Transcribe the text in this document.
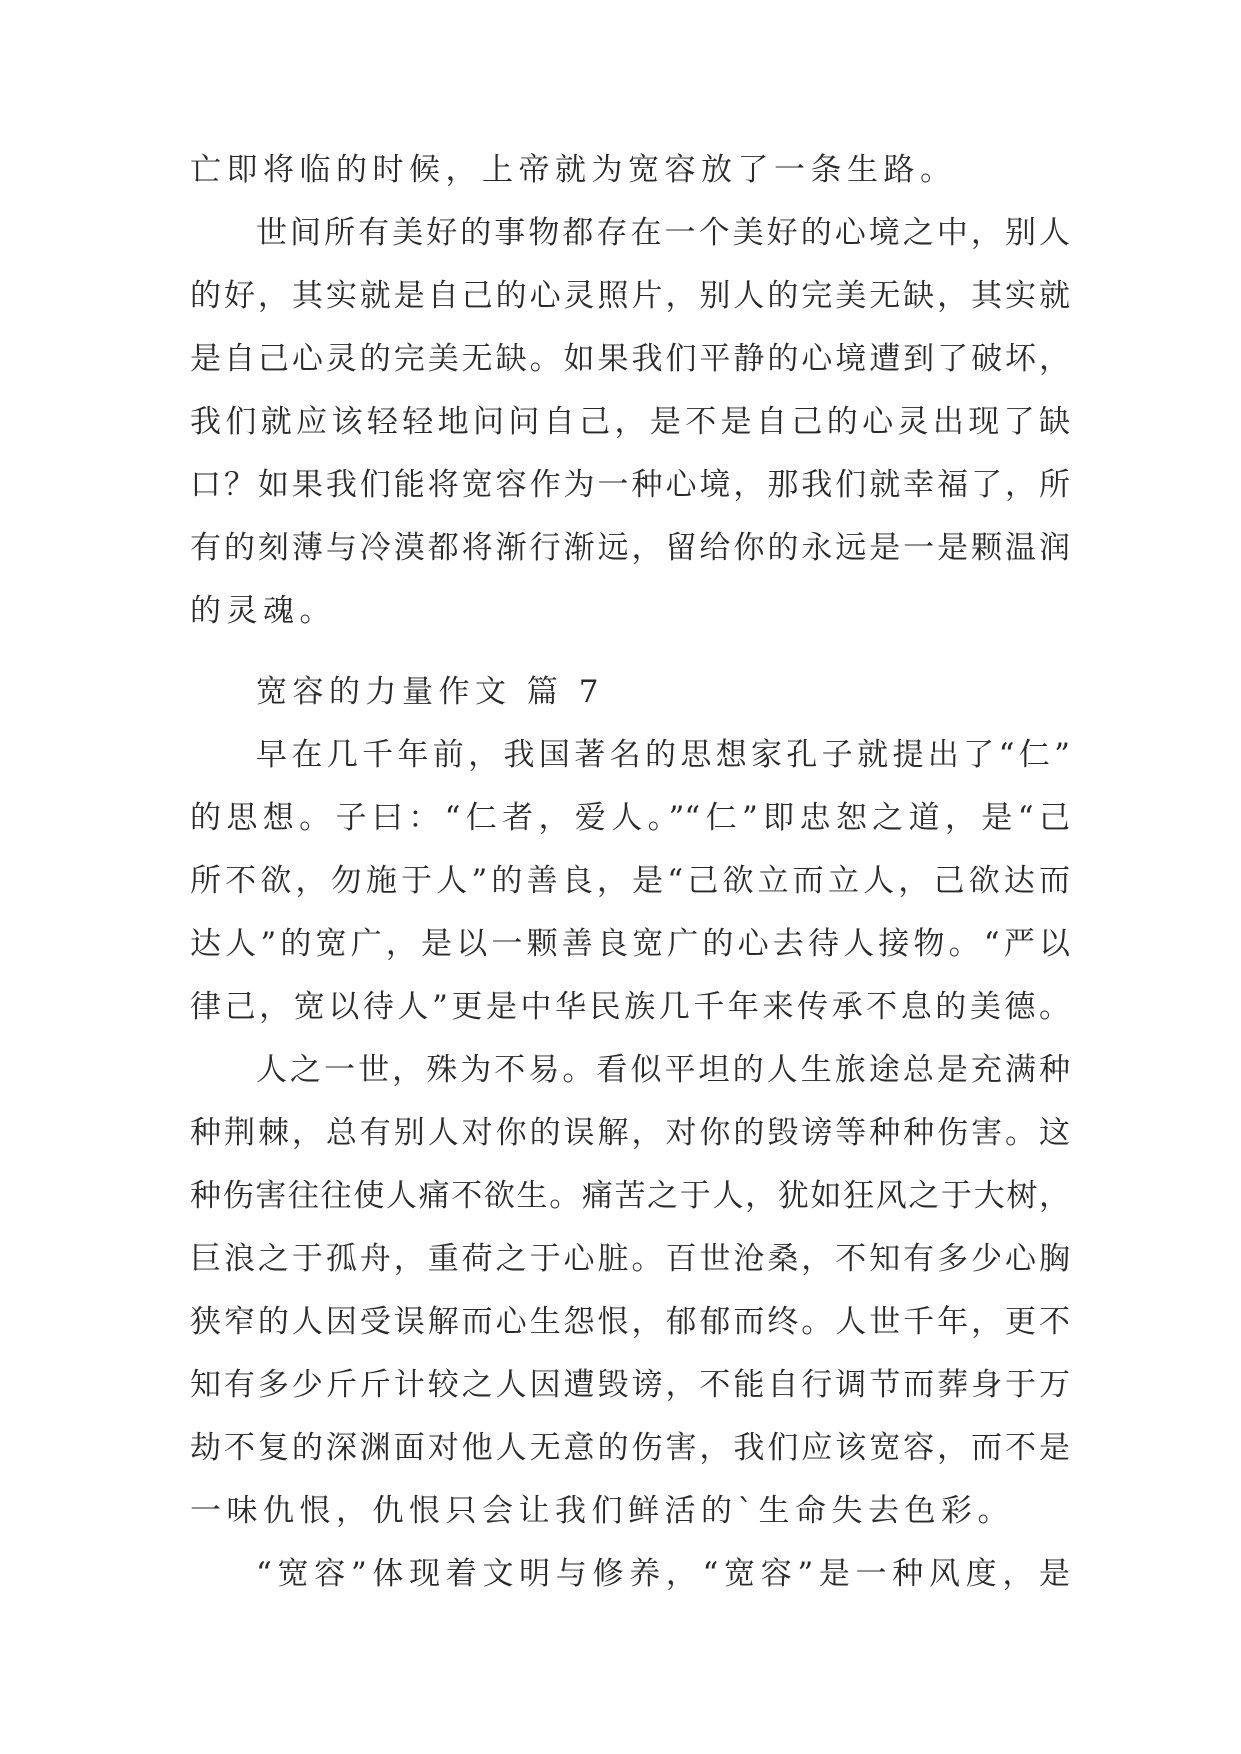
亡即将临的时候，上帝就为宽容放了一条生路。
世间所有美好的事物都存在一个美好的心境之中，别人
的好，其实就是自己的心灵照片，别人的完美无缺，其实就
是自己心灵的完美无缺。如果我们平静的心境遭到了破坏，
我们就应该轻轻地问问自己，是不是自己的心灵出现了缺
口？如果我们能将宽容作为一种心境，那我们就幸福了，所
有的刻薄与冷漠都将渐行渐远，留给你的永远是一是颗温润
的灵魂。
宽容的力量作文 篇 7
早在几千年前，我国著名的思想家孔子就提出了“仁”
的思想。子曰：“仁者，爱人。”“仁”即忠恕之道，是“己
所不欲，勿施于人”的善良，是“己欲立而立人，己欲达而
达人”的宽广，是以一颗善良宽广的心去待人接物。“严以
律己，宽以待人”更是中华民族几千年来传承不息的美德。
人之一世，殊为不易。看似平坦的人生旅途总是充满种
种荆棘，总有别人对你的误解，对你的毁谤等种种伤害。这
种伤害往往使人痛不欲生。痛苦之于人，犹如狂风之于大树，
巨浪之于孤舟，重荷之于心脏。百世沧桑，不知有多少心胸
狭窄的人因受误解而心生怨恨，郁郁而终。人世千年，更不
知有多少斤斤计较之人因遭毁谤，不能自行调节而葬身于万
劫不复的深渊面对他人无意的伤害，我们应该宽容，而不是
一味仇恨，仇恨只会让我们鲜活的`生命失去色彩。
“宽容”体现着文明与修养，“宽容”是一种风度，是
